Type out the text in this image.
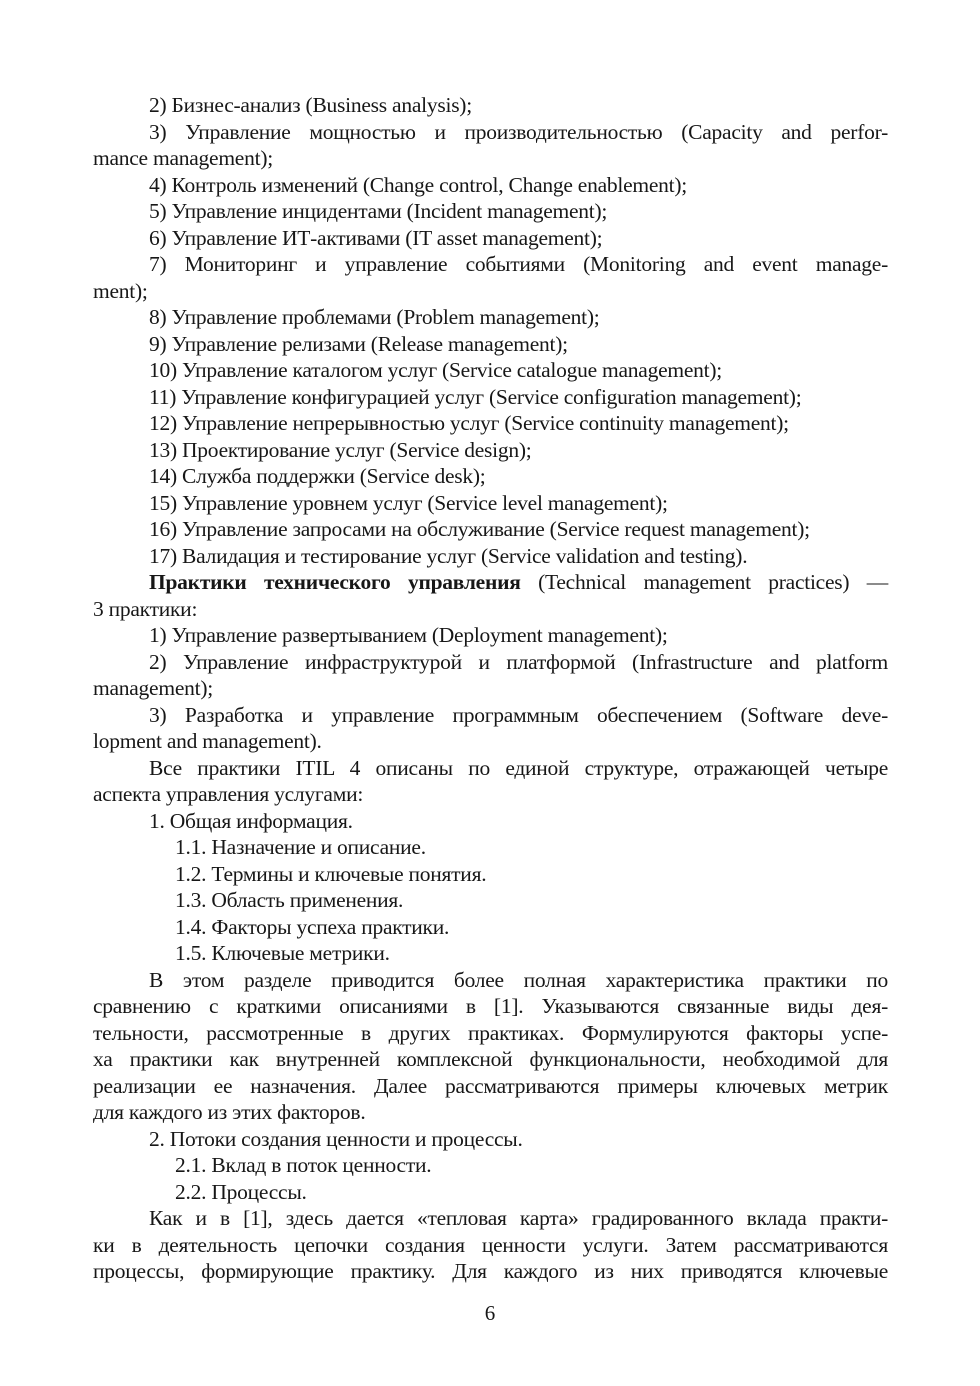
2) Бизнес-анализ (Business analysis);
3) Управление мощностью и производительностью (Capacity and perfor-
mance management);
4) Контроль изменений (Change control, Change enablement);
5) Управление инцидентами (Incident management);
6) Управление ИТ-активами (IT asset management);
7) Мониторинг и управление событиями (Monitoring and event manage-
ment);
8) Управление проблемами (Problem management);
9) Управление релизами (Release management);
10) Управление каталогом услуг (Service catalogue management);
11) Управление конфигурацией услуг (Service configuration management);
12) Управление непрерывностью услуг (Service continuity management);
13) Проектирование услуг (Service design);
14) Служба поддержки (Service desk);
15) Управление уровнем услуг (Service level management);
16) Управление запросами на обслуживание (Service request management);
17) Валидация и тестирование услуг (Service validation and testing).
Практики технического управления (Technical management practices) —
3 практики:
1) Управление развертыванием (Deployment management);
2) Управление инфраструктурой и платформой (Infrastructure and platform
management);
3) Разработка и управление программным обеспечением (Software deve-
lopment and management).
Все практики ITIL 4 описаны по единой структуре, отражающей четыре
аспекта управления услугами:
1. Общая информация.
1.1. Назначение и описание.
1.2. Термины и ключевые понятия.
1.3. Область применения.
1.4. Факторы успеха практики.
1.5. Ключевые метрики.
В этом разделе приводится более полная характеристика практики по
сравнению с краткими описаниями в [1]. Указываются связанные виды дея-
тельности, рассмотренные в других практиках. Формулируются факторы успе-
ха практики как внутренней комплексной функциональности, необходимой для
реализации ее назначения. Далее рассматриваются примеры ключевых метрик
для каждого из этих факторов.
2. Потоки создания ценности и процессы.
2.1. Вклад в поток ценности.
2.2. Процессы.
Как и в [1], здесь дается «тепловая карта» градированного вклада практи-
ки в деятельность цепочки создания ценности услуги. Затем рассматриваются
процессы, формирующие практику. Для каждого из них приводятся ключевые
6
